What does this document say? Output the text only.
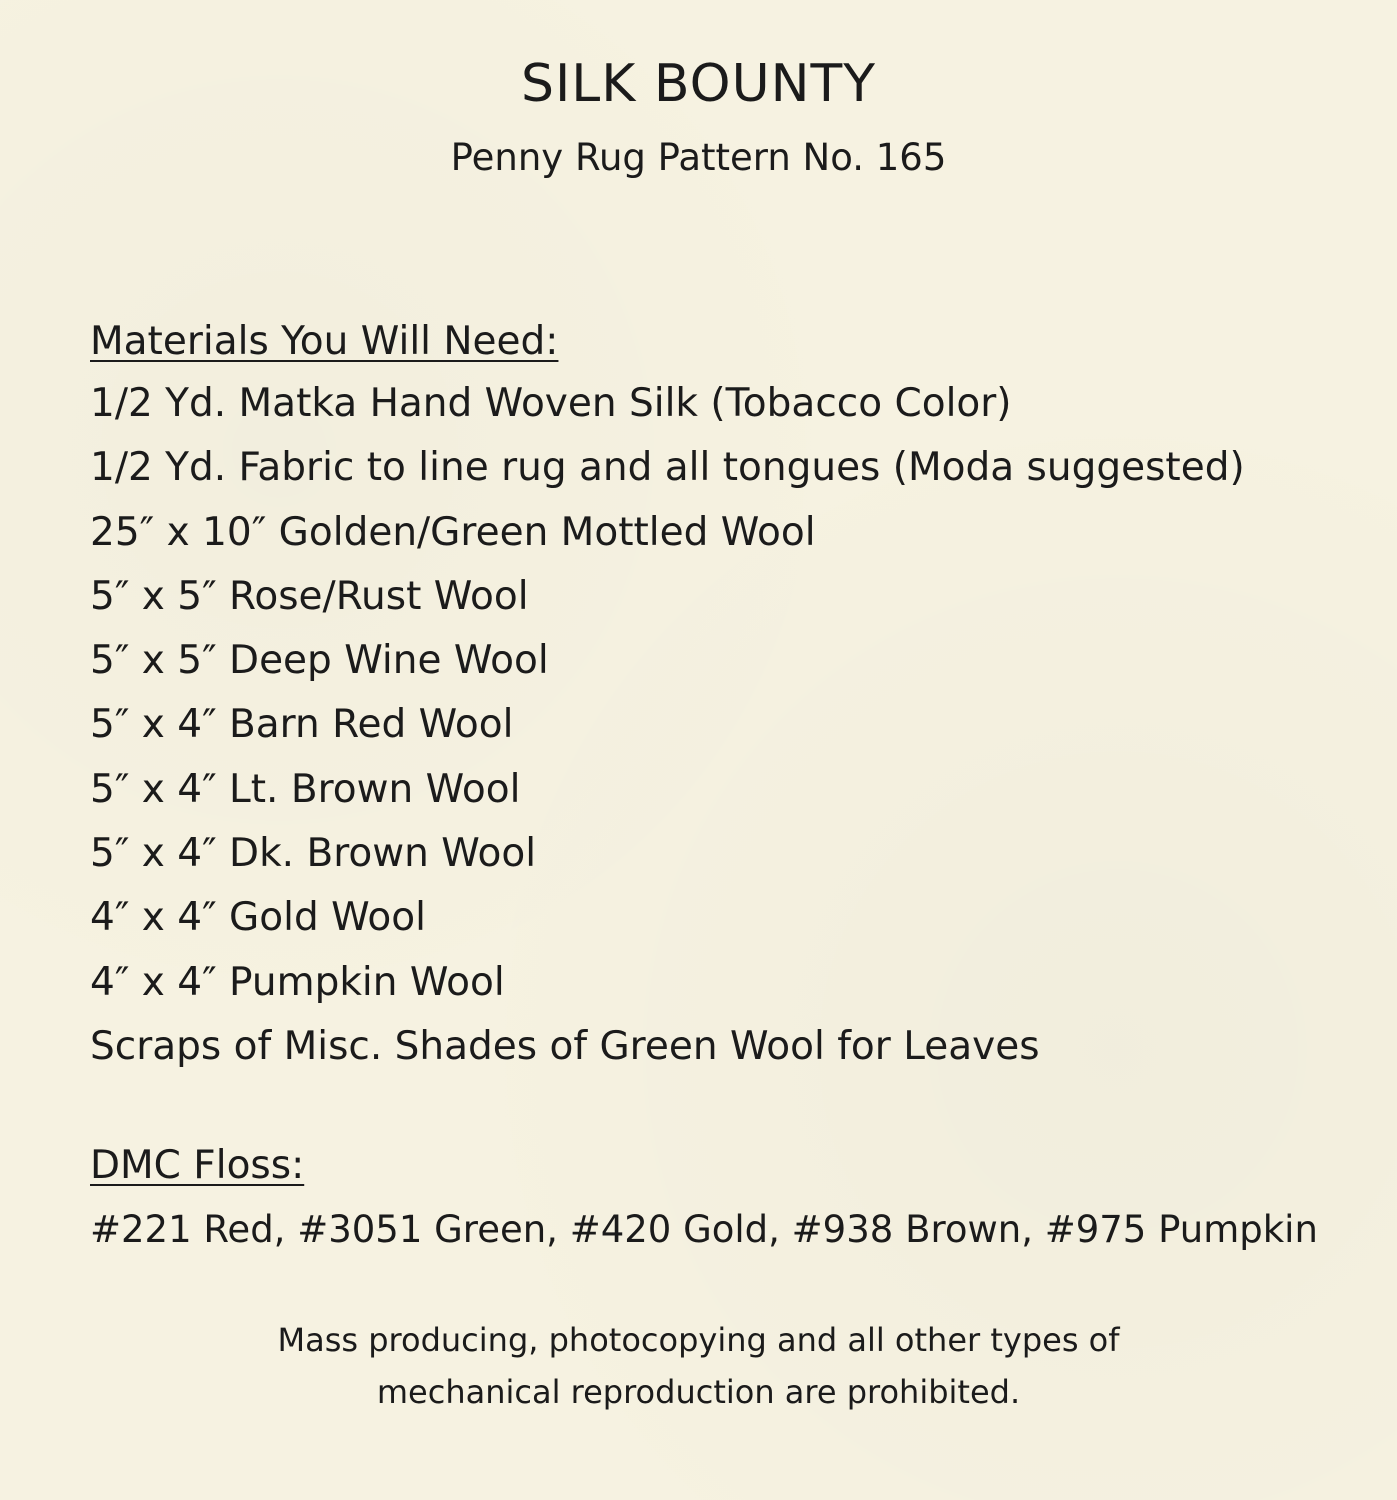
SILK BOUNTY
Penny Rug Pattern No. 165
Materials You Will Need:
1/2 Yd. Matka Hand Woven Silk (Tobacco Color)
1/2 Yd. Fabric to line rug and all tongues (Moda suggested)
25″ x 10″ Golden/Green Mottled Wool
5″ x 5″ Rose/Rust Wool
5″ x 5″ Deep Wine Wool
5″ x 4″ Barn Red Wool
5″ x 4″ Lt. Brown Wool
5″ x 4″ Dk. Brown Wool
4″ x 4″ Gold Wool
4″ x 4″ Pumpkin Wool
Scraps of Misc. Shades of Green Wool for Leaves
DMC Floss:

#221 Red, #3051 Green, #420 Gold, #938 Brown, #975 Pumpkin

Mass producing, photocopying and all other types of
mechanical reproduction are prohibited.
